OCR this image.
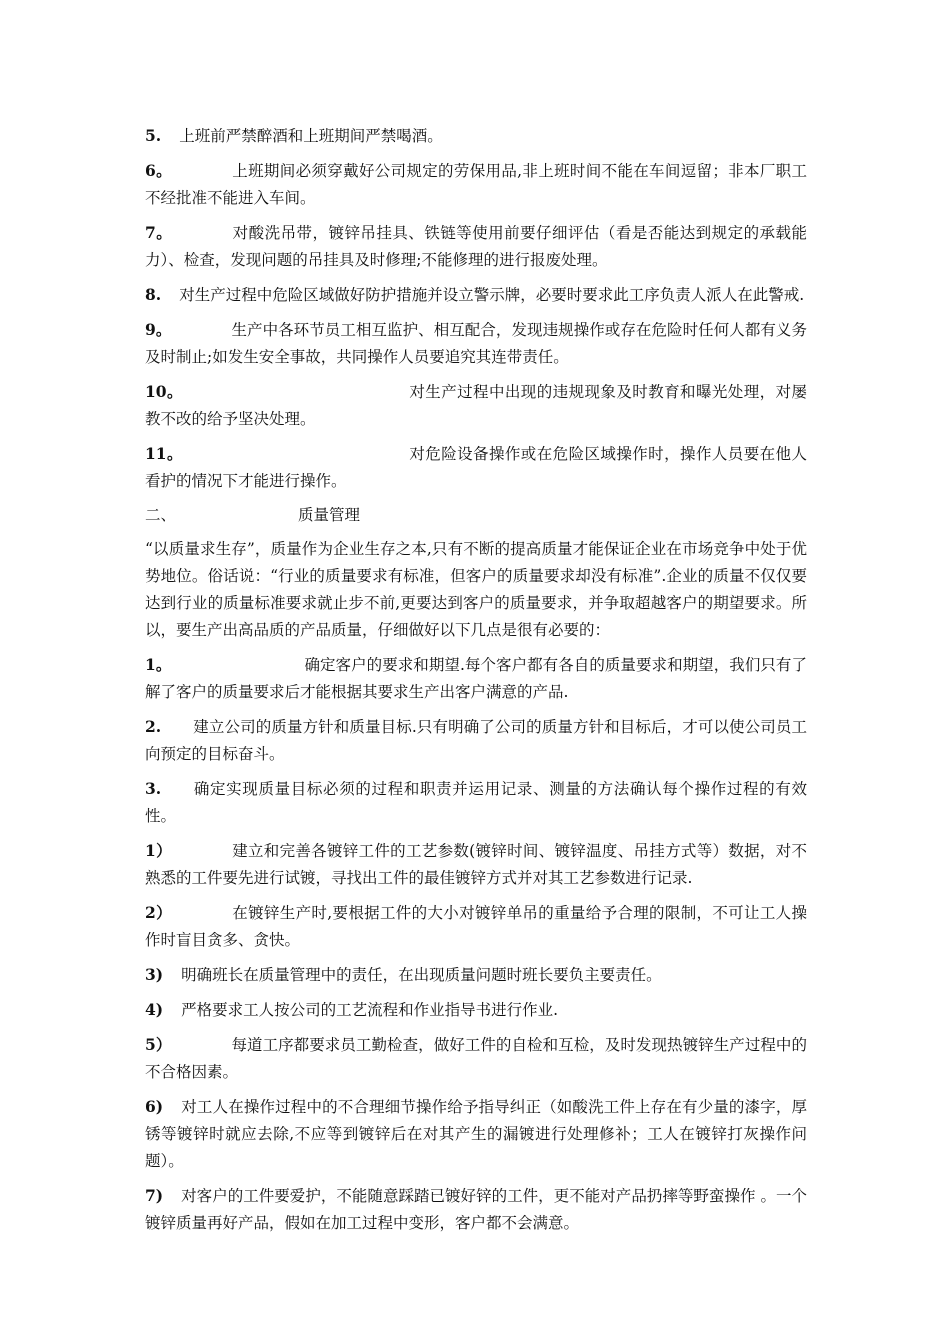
5. 上班前严禁醉酒和上班期间严禁喝酒。

6。	上班期间必须穿戴好公司规定的劳保用品,非上班时间不能在车间逗留；非本厂职工不经批准不能进入车间。

7。	对酸洗吊带，镀锌吊挂具、铁链等使用前要仔细评估（看是否能达到规定的承载能力）、检查，发现问题的吊挂具及时修理;不能修理的进行报废处理。

8. 对生产过程中危险区域做好防护措施并设立警示牌，必要时要求此工序负责人派人在此警戒.

9。	生产中各环节员工相互监护、相互配合，发现违规操作或存在危险时任何人都有义务及时制止;如发生安全事故，共同操作人员要追究其连带责任。

10。	对生产过程中出现的违规现象及时教育和曝光处理，对屡教不改的给予坚决处理。

11。	对危险设备操作或在危险区域操作时，操作人员要在他人看护的情况下才能进行操作。

二、	质量管理

“以质量求生存”，质量作为企业生存之本,只有不断的提高质量才能保证企业在市场竞争中处于优势地位。俗话说：“行业的质量要求有标准，但客户的质量要求却没有标准”.企业的质量不仅仅要达到行业的质量标准要求就止步不前,更要达到客户的质量要求，并争取超越客户的期望要求。所以，要生产出高品质的产品质量，仔细做好以下几点是很有必要的：

1。	确定客户的要求和期望.每个客户都有各自的质量要求和期望，我们只有了解了客户的质量要求后才能根据其要求生产出客户满意的产品.

2. 建立公司的质量方针和质量目标.只有明确了公司的质量方针和目标后，才可以使公司员工向预定的目标奋斗。

3. 确定实现质量目标必须的过程和职责并运用记录、测量的方法确认每个操作过程的有效性。

1）	建立和完善各镀锌工件的工艺参数(镀锌时间、镀锌温度、吊挂方式等）数据，对不熟悉的工件要先进行试镀，寻找出工件的最佳镀锌方式并对其工艺参数进行记录.

2）	在镀锌生产时,要根据工件的大小对镀锌单吊的重量给予合理的限制，不可让工人操作时盲目贪多、贪快。

3) 明确班长在质量管理中的责任，在出现质量问题时班长要负主要责任。

4) 严格要求工人按公司的工艺流程和作业指导书进行作业.

5）	每道工序都要求员工勤检查，做好工件的自检和互检，及时发现热镀锌生产过程中的不合格因素。

6) 对工人在操作过程中的不合理细节操作给予指导纠正（如酸洗工件上存在有少量的漆字，厚锈等镀锌时就应去除,不应等到镀锌后在对其产生的漏镀进行处理修补；工人在镀锌打灰操作问题）。

7) 对客户的工件要爱护，不能随意踩踏已镀好锌的工件，更不能对产品扔摔等野蛮操作 。一个镀锌质量再好产品，假如在加工过程中变形，客户都不会满意。
